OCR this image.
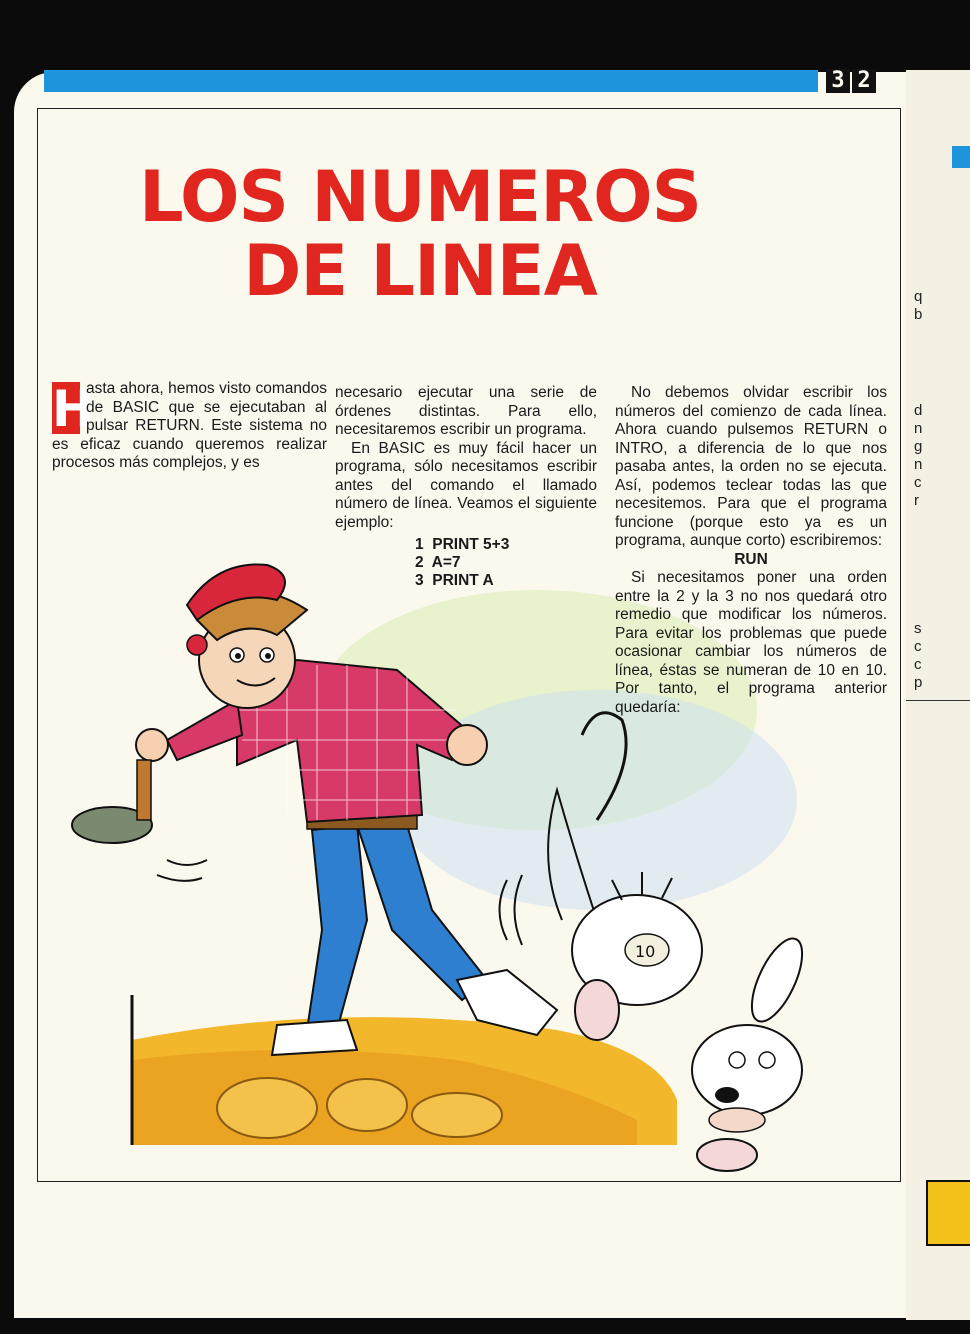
q
b
d
n
g
n
c
r
s
c
c
p
3 2
LOS NUMEROS
DE LINEA
10

H
asta ahora, hemos visto comandos de BASIC que se ejecutaban al pulsar RETURN. Este sistema no es eficaz cuando queremos realizar procesos más complejos, y es

necesario ejecutar una serie de órdenes distintas. Para ello, necesitaremos escribir un programa.

En BASIC es muy fácil hacer un programa, sólo necesitamos escribir antes del comando el llamado número de línea. Veamos el siguiente ejemplo:

1  PRINT 5+3
2  A=7
3  PRINT A

No debemos olvidar escribir los números del comienzo de cada línea. Ahora cuando pulsemos RETURN o INTRO, a diferencia de lo que nos pasaba antes, la orden no se ejecuta. Así, podemos teclear todas las que necesitemos. Para que el programa funcione (porque esto ya es un programa, aunque corto) escribiremos:

RUN

Si necesitamos poner una orden entre la 2 y la 3 no nos quedará otro remedio que modificar los números. Para evitar los problemas que puede ocasionar cambiar los números de línea, éstas se numeran de 10 en 10. Por tanto, el programa anterior quedaría:
